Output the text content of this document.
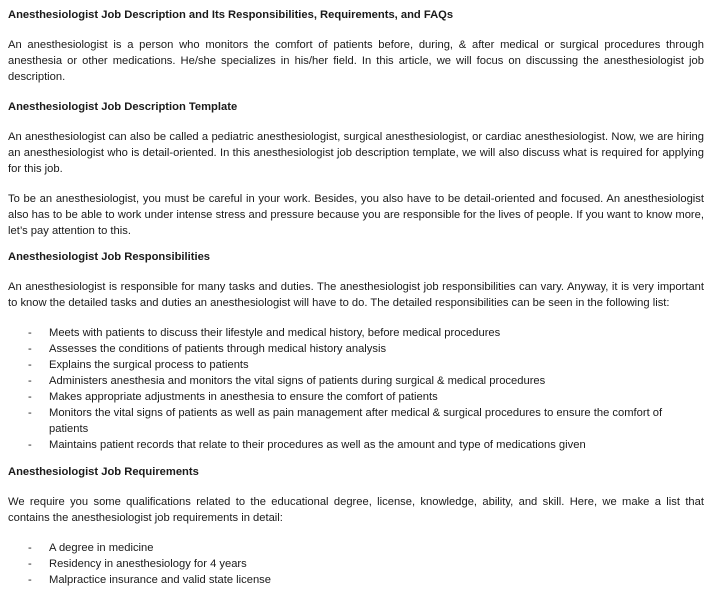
Anesthesiologist Job Description and Its Responsibilities, Requirements, and FAQs

An anesthesiologist is a person who monitors the comfort of patients before, during, & after medical or surgical procedures through anesthesia or other medications. He/she specializes in his/her field. In this article, we will focus on discussing the anesthesiologist job description.

Anesthesiologist Job Description Template

An anesthesiologist can also be called a pediatric anesthesiologist, surgical anesthesiologist, or cardiac anesthesiologist. Now, we are hiring an anesthesiologist who is detail-oriented. In this anesthesiologist job description template, we will also discuss what is required for applying for this job.

To be an anesthesiologist, you must be careful in your work. Besides, you also have to be detail-oriented and focused. An anesthesiologist also has to be able to work under intense stress and pressure because you are responsible for the lives of people. If you want to know more, let’s pay attention to this.

Anesthesiologist Job Responsibilities

An anesthesiologist is responsible for many tasks and duties. The anesthesiologist job responsibilities can vary. Anyway, it is very important to know the detailed tasks and duties an anesthesiologist will have to do. The detailed responsibilities can be seen in the following list:

- Meets with patients to discuss their lifestyle and medical history, before medical procedures
- Assesses the conditions of patients through medical history analysis
- Explains the surgical process to patients
- Administers anesthesia and monitors the vital signs of patients during surgical & medical procedures
- Makes appropriate adjustments in anesthesia to ensure the comfort of patients
- Monitors the vital signs of patients as well as pain management after medical & surgical procedures to ensure the comfort of patients
- Maintains patient records that relate to their procedures as well as the amount and type of medications given
Anesthesiologist Job Requirements

We require you some qualifications related to the educational degree, license, knowledge, ability, and skill. Here, we make a list that contains the anesthesiologist job requirements in detail:

- A degree in medicine
- Residency in anesthesiology for 4 years
- Malpractice insurance and valid state license
